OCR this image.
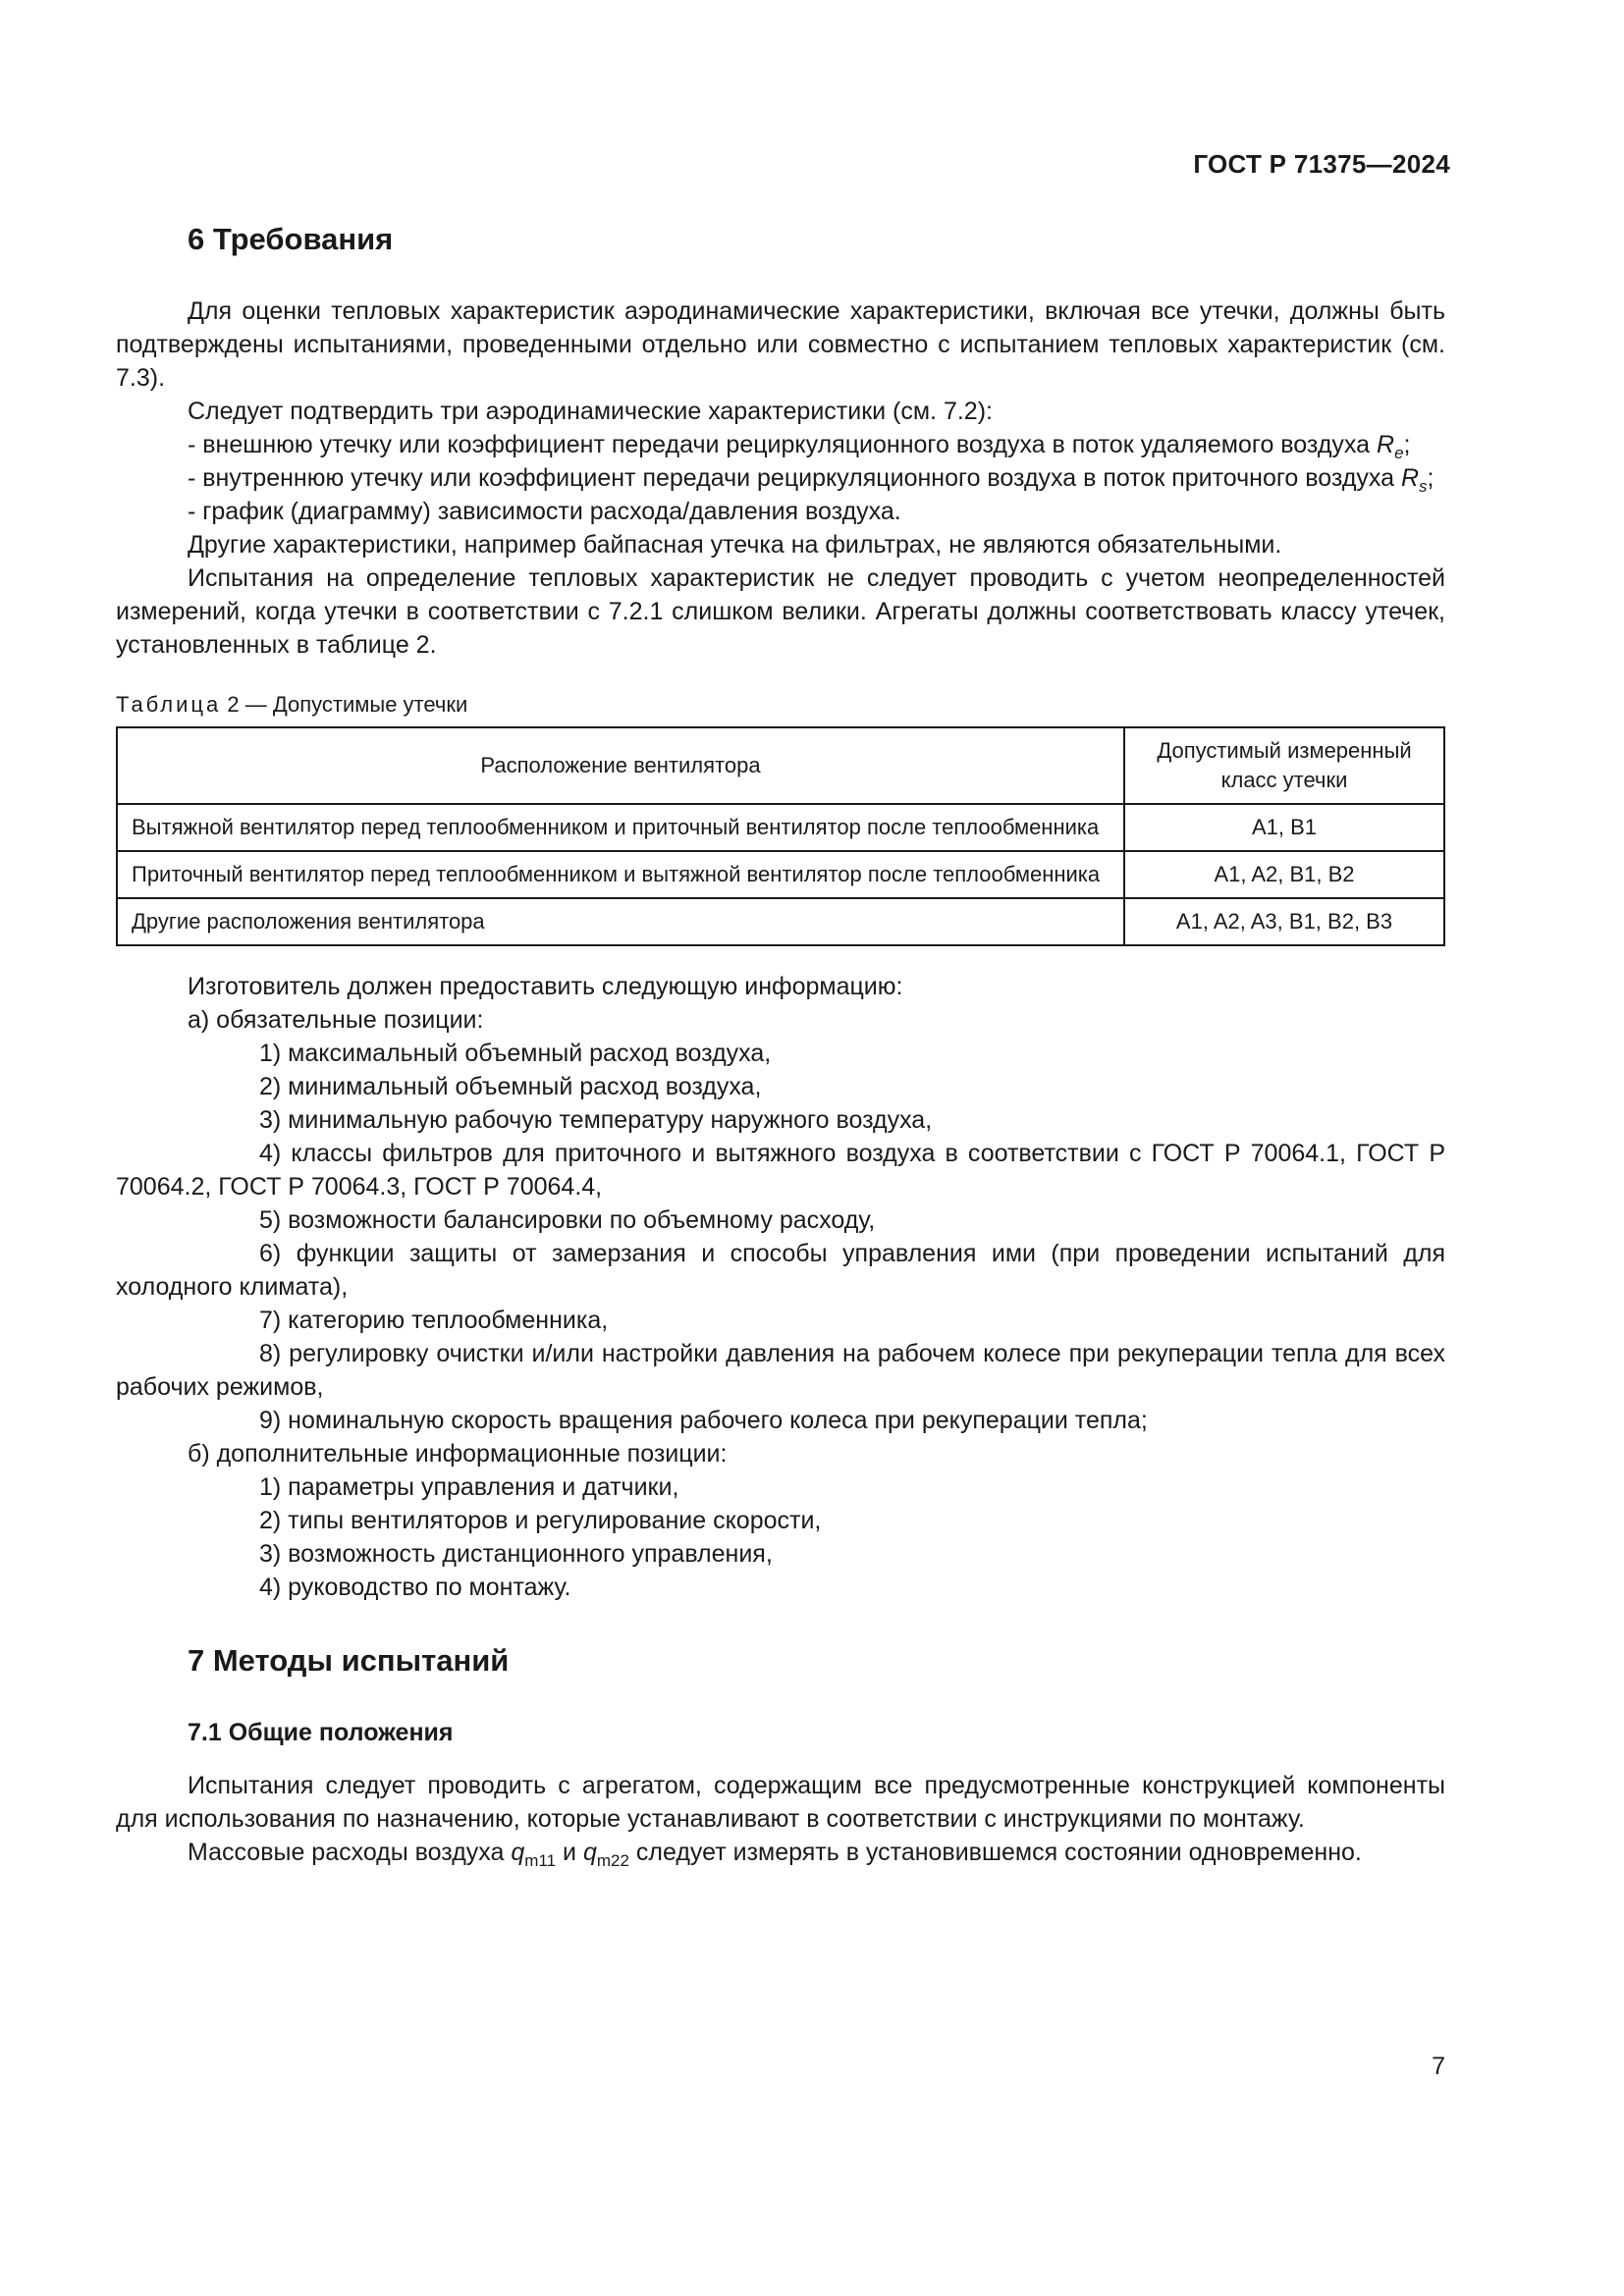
ГОСТ Р 71375—2024
6 Требования

Для оценки тепловых характеристик аэродинамические характеристики, включая все утечки, должны быть подтверждены испытаниями, проведенными отдельно или совместно с испытанием тепловых характеристик (см. 7.3).

Следует подтвердить три аэродинамические характеристики (см. 7.2):

- внешнюю утечку или коэффициент передачи рециркуляционного воздуха в поток удаляемого воздуха $R_e$;

- внутреннюю утечку или коэффициент передачи рециркуляционного воздуха в поток приточного воздуха $R_s$;

- график (диаграмму) зависимости расхода/давления воздуха.

Другие характеристики, например байпасная утечка на фильтрах, не являются обязательными.

Испытания на определение тепловых характеристик не следует проводить с учетом неопределенностей измерений, когда утечки в соответствии с 7.2.1 слишком велики. Агрегаты должны соответствовать классу утечек, установленных в таблице 2.

Таблица 2 — Допустимые утечки
Расположение вентилятора	Допустимый измеренный класс утечки
Вытяжной вентилятор перед теплообменником и приточный вентилятор после теплообменника	A1, B1
Приточный вентилятор перед теплообменником и вытяжной вентилятор после теплообменника	A1, A2, B1, B2
Другие расположения вентилятора	A1, A2, A3, B1, B2, B3

Изготовитель должен предоставить следующую информацию:

а) обязательные позиции:

1) максимальный объемный расход воздуха,

2) минимальный объемный расход воздуха,

3) минимальную рабочую температуру наружного воздуха,

4) классы фильтров для приточного и вытяжного воздуха в соответствии с ГОСТ Р 70064.1, ГОСТ Р 70064.2, ГОСТ Р 70064.3, ГОСТ Р 70064.4,

5) возможности балансировки по объемному расходу,

6) функции защиты от замерзания и способы управления ими (при проведении испытаний для холодного климата),

7) категорию теплообменника,

8) регулировку очистки и/или настройки давления на рабочем колесе при рекуперации тепла для всех рабочих режимов,

9) номинальную скорость вращения рабочего колеса при рекуперации тепла;

б) дополнительные информационные позиции:

1) параметры управления и датчики,

2) типы вентиляторов и регулирование скорости,

3) возможность дистанционного управления,

4) руководство по монтажу.

7 Методы испытаний
7.1 Общие положения

Испытания следует проводить с агрегатом, содержащим все предусмотренные конструкцией компоненты для использования по назначению, которые устанавливают в соответствии с инструкциями по монтажу.

Массовые расходы воздуха $q_{m11}$ и $q_{m22}$ следует измерять в установившемся состоянии одновременно.

7
